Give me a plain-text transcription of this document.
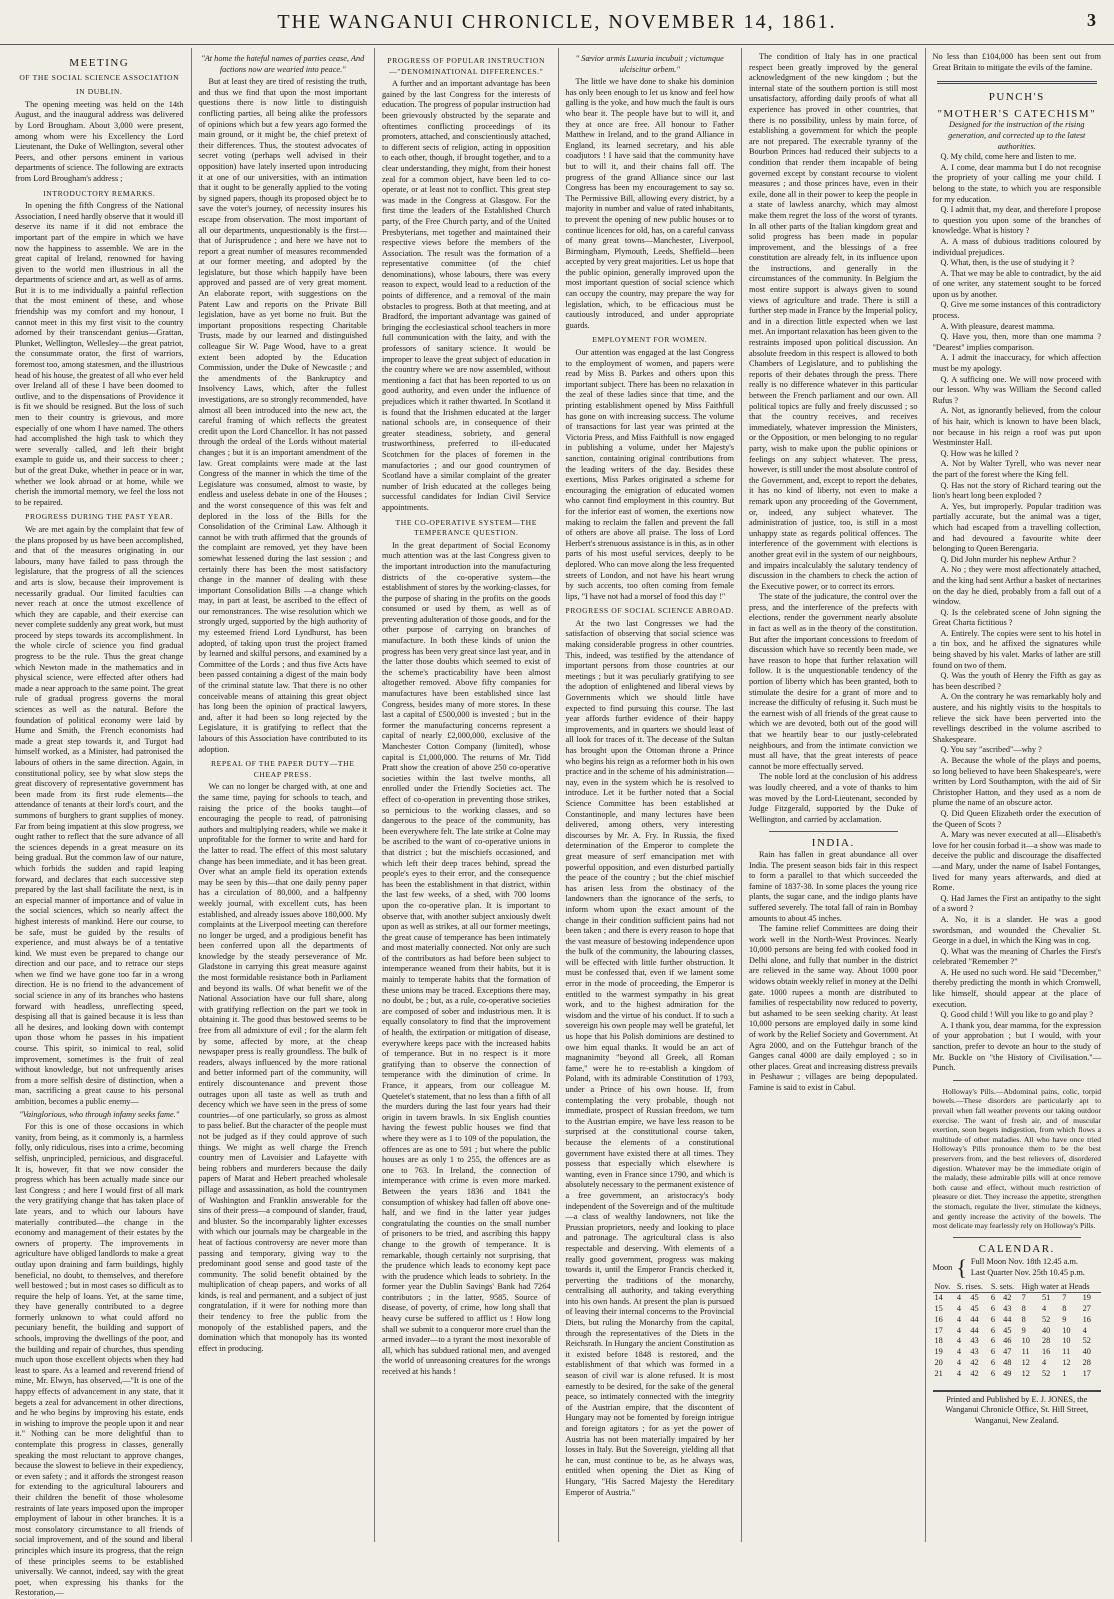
THE WANGANUI CHRONICLE, NOVEMBER 14, 1861.	3
MEETING
OF THE SOCIAL SCIENCE ASSOCIATION
IN DUBLIN.

The opening meeting was held on the 14th August, and the inaugural address was delivered by Lord Brougham. About 3,000 were present, among whom were his Excellency the Lord Lieutenant, the Duke of Wellington, several other Peers, and other persons eminent in various departments of science. The following are extracts from Lord Brougham's address ;

INTRODUCTORY REMARKS.

In opening the fifth Congress of the National Association, I need hardly observe that it would ill deserve its name if it did not embrace the important part of the empire in which we have now the happiness to assemble. We are in the great capital of Ireland, renowned for having given to the world men illustrious in all the departments of science and art, as well as of arms. But it is to me individually a painful reflection that the most eminent of these, and whose friendship was my comfort and my honour, I cannot meet in this my first visit to the country adorned by their transcendant genius—Grattan, Plunket, Wellington, Wellesley—the great patriot, the consummate orator, the first of warriors, foremost too, among statesmen, and the illustrious head of his house, the greatest of all who ever held over Ireland all of these I have been doomed to outlive, and to the dispensations of Providence it is fit we should be resigned. But the loss of such men to their country is grievous, and more especially of one whom I have named. The others had accomplished the high task to which they were severally called, and left their bright example to guide us, and their success to cheer ; but of the great Duke, whether in peace or in war, whether we look abroad or at home, while we cherish the immortal memory, we feel the loss not to be repaired.

PROGRESS DURING THE PAST YEAR.

We are met again by the complaint that few of the plans proposed by us have been accomplished, and that of the measures originating in our labours, many have failed to pass through the legislature, that the progress of all the sciences and arts is slow, because their improvement is necessarily gradual. Our limited faculties can never reach at once the utmost excellence of which they are capable, and their exercise can never complete suddenly any great work, but must proceed by steps towards its accomplishment. In the whole circle of science you find gradual progress to be the rule. Thus the great change which Newton made in the mathematics and in physical science, were effected after others had made a near approach to the same point. The great rule of gradual progress governs the moral sciences as well as the natural. Before the foundation of political economy were laid by Hume and Smith, the French economists had made a great step towards it, and Turgot had himself worked, as a Minister, had patronised the labours of others in the same direction. Again, in constitutional policy, see by what slow steps the great discovery of representative government has been made from its first rude elements—the attendance of tenants at their lord's court, and the summons of burghers to grant supplies of money. Far from being impatient at this slow progress, we ought rather to reflect that the sure advance of all the sciences depends in a great measure on its being gradual. But the common law of our nature, which forbids the sudden and rapid leaping forward, and declares that each successive step prepared by the last shall facilitate the next, is in an especial manner of importance and of value in the social sciences, which so nearly affect the highest interests of mankind. Here our course, to be safe, must be guided by the results of experience, and must always be of a tentative kind. We must even be prepared to change our direction and our pace, and to retrace our steps when we find we have gone too far in a wrong direction. He is no friend to the advancement of social science in any of its branches who hastens forward with headless, unreflecting speed, despising all that is gained because it is less than all he desires, and looking down with contempt upon those whom he passes in his impatient course. This spirit, so inimical to real, solid improvement, sometimes is the fruit of zeal without knowledge, but not unfrequently arises from a more selfish desire of distinction, when a man, sacrificing a great cause to his personal ambition, becomes a public enemy—

"Vainglorious, who through infamy seeks fame."

For this is one of those occasions in which vanity, from being, as it commonly is, a harmless folly, only ridiculous, rises into a crime, becoming selfish, unprincipled, pernicious, and disgraceful. It is, however, fit that we now consider the progress which has been actually made since our last Congress ; and here I would first of all mark the very gratifying change that has taken place of late years, and to which our labours have materially contributed—the change in the economy and management of their estates by the owners of property. The improvements in agriculture have obliged landlords to make a great outlay upon draining and farm buildings, highly beneficial, no doubt, to themselves, and therefore well bestowed ; but in most cases so difficult as to require the help of loans. Yet, at the same time, they have generally contributed to a degree formerly unknown to what could afford no pecuniary benefit, the building and support of schools, improving the dwellings of the poor, and the building and repair of churches, thus spending much upon those excellent objects when they had least to spare. As a learned and reverend friend of mine, Mr. Elwyn, has observed,—"It is one of the happy effects of advancement in any state, that it begets a zeal for advancement in other directions, and he who begins by improving his estate, ends in wishing to improve the people upon it and near it." Nothing can be more delightful than to contemplate this progress in classes, generally speaking the most reluctant to approve changes, because the slowest to believe in their expediency, or even safety ; and it affords the strongest reason for extending to the agricultural labourers and their children the benefit of those wholesome restraints of late years imposed upon the improper employment of labour in other branches. It is a most consolatory circumstance to all friends of social improvement, and of the sound and liberal principles which insure its progress, that the reign of these principles seems to be established universally. We cannot, indeed, say with the great poet, when expressing his thanks for the Restoration,—

"At home the hateful names of parties cease, And factions now are wearied into peace."

But at least they are tired of resisting the truth, and thus we find that upon the most important questions there is now little to distinguish conflicting parties, all being alike the professors of opinions which but a few years ago formed the main ground, or it might be, the chief pretext of their differences. Thus, the stoutest advocates of secret voting (perhaps well advised in their opposition) have lately inserted upon introducing it at one of our universities, with an intimation that it ought to be generally applied to the voting by signed papers, though its proposed object be to save the voter's journey, of necessity insures his escape from observation. The most important of all our departments, unquestionably is the first—that of Jurisprudence ; and here we have not to report a great number of measures recommended at our former meeting, and adopted by the legislature, but those which happily have been approved and passed are of very great moment. An elaborate report, with suggestions on the Patent Law and reports on the Private Bill legislation, have as yet borne no fruit. But the important propositions respecting Charitable Trusts, made by our learned and distinguished colleague Sir W. Page Wood, have to a great extent been adopted by the Education Commission, under the Duke of Newcastle ; and the amendments of the Bankruptcy and Insolvency Laws, which, after the fullest investigations, are so strongly recommended, have almost all been introduced into the new act, the careful framing of which reflects the greatest credit upon the Lord Chancellor. It has not passed through the ordeal of the Lords without material changes ; but it is an important amendment of the law. Great complaints were made at the last Congress of the manner in which the time of the Legislature was consumed, almost to waste, by endless and useless debate in one of the Houses ; and the worst consequence of this was felt and deplored in the loss of the Bills for the Consolidation of the Criminal Law. Although it cannot be with truth affirmed that the grounds of the complaint are removed, yet they have been somewhat lessened during the last session ; and certainly there has been the most satisfactory change in the manner of dealing with these important Consolidation Bills —a change which may, in part at least, be ascribed to the effect of our remonstrances. The wise resolution which we strongly urged, supported by the high authority of my esteemed friend Lord Lyndhurst, has been adopted, of taking upon trust the project framed by learned and skilful persons, and examined by a Committee of the Lords ; and thus five Acts have been passed containing a digest of the main body of the criminal statute law. That there is no other conceivable means of attaining this great object has long been the opinion of practical lawyers, and, after it had been so long rejected by the Legislature, it is gratifying to reflect that the labours of this Association have contributed to its adoption.

REPEAL OF THE PAPER DUTY—THE CHEAP PRESS.

We can no longer be charged with, at one and the same time, paying for schools to teach, and raising the price of the books taught—of encouraging the people to read, of patronising authors and multiplying readers, while we make it unprofitable for the former to write and hard for the latter to read. The effect of this most salutary change has been immediate, and it has been great. Over what an ample field its operation extends may be seen by this—that one daily penny paper has a circulation of 80,000, and a halfpenny weekly journal, with excellent cuts, has been established, and already issues above 180,000. My complaints at the Liverpool meeting can therefore no longer be urged, and a prodigious benefit has been conferred upon all the departments of knowledge by the steady perseverance of Mr. Gladstone in carrying this great measure against the most formidable resistance both in Parliament and beyond its walls. Of what benefit we of the National Association have our full share, along with gratifying reflection on the part we took in obtaining it. The good thus bestowed seems to be free from all admixture of evil ; for the alarm felt by some, affected by more, at the cheap newspaper press is really groundless. The bulk of readers, always influenced by the more rational and better informed part of the community, will entirely discountenance and prevent those outrages upon all taste as well as truth and decency which we have seen in the press of some countries—of one particularly, so gross as almost to pass belief. But the character of the people must not be judged as if they could approve of such things. We might as well charge the French country men of Lavoisier and Lafayette with being robbers and murderers because the daily papers of Marat and Hebert preached wholesale pillage and assassination, as hold the countrymen of Washington and Franklin answerable for the sins of their press—a compound of slander, fraud, and bluster. So the incomparably lighter excesses with which our journals may be chargeable in the heat of factious controversy are never more than passing and temporary, giving way to the predominant good sense and good taste of the community. The solid benefit obtained by the multiplication of cheap papers, and works of all kinds, is real and permanent, and a subject of just congratulation, if it were for nothing more than their tendency to free the public from the monopoly of the established papers, and the domination which that monopoly has its wonted effect in producing.

PROGRESS OF POPULAR INSTRUCTION—"DENOMINATIONAL DIFFERENCES."

A further and an important advantage has been gained by the last Congress for the interests of education. The progress of popular instruction had been grievously obstructed by the separate and oftentimes conflicting proceedings of its promoters, attached, and conscientiously attached, to different sects of religion, acting in opposition to each other, though, if brought together, and to a clear understanding, they might, from their honest zeal for a common object, have been led to co-operate, or at least not to conflict. This great step was made in the Congress at Glasgow. For the first time the leaders of the Established Church party, of the Free Church party, and of the United Presbyterians, met together and maintained their respective views before the members of the Association. The result was the formation of a representative committee (of the chief denominations), whose labours, there was every reason to expect, would lead to a reduction of the points of difference, and a removal of the main obstacles to progress. Both at that meeting, and at Bradford, the important advantage was gained of bringing the ecclesiastical school teachers in more full communication with the laity, and with the professors of sanitary science. It would be improper to leave the great subject of education in the country where we are now assembled, without mentioning a fact that has been reported to us on good authority, and even under the influence of prejudices which it rather thwarted. In Scotland it is found that the Irishmen educated at the larger national schools are, in consequence of their greater steadiness, sobriety, and general trustworthiness, preferred to ill-educated Scotchmen for the places of foremen in the manufactories ; and our good countrymen of Scotland have a similar complaint of the greater number of Irish educated at the colleges being successful candidates for Indian Civil Service appointments.

THE CO-OPERATIVE SYSTEM—THE TEMPERANCE QUESTION.

In the great department of Social Economy much attention was at the last Congress given to the important introduction into the manufacturing districts of the co-operative system—the establishment of stores by the working-classes, for the purpose of sharing in the profits on the goods consumed or used by them, as well as of preventing adulteration of those goods, and for the other purpose of carrying on branches of manufacture. In both these kinds of union the progress has been very great since last year, and in the latter those doubts which seemed to exist of the scheme's practicability have been almost altogether removed. Above fifty companies for manufactures have been established since last Congress, besides many of more stores. In these last a capital of £500,000 is invested ; but in the former the manufacturing concerns represent a capital of nearly £2,000,000, exclusive of the Manchester Cotton Company (limited), whose capital is £1,000,000. The returns of Mr. Tidd Pratt show the creation of above 250 co-operative societies within the last twelve months, all enrolled under the Friendly Societies act. The effect of co-operation in preventing those strikes, so pernicious to the working classes, and so dangerous to the peace of the community, has been everywhere felt. The late strike at Colne may be ascribed to the want of co-operative unions in that district ; but the mischiefs occasioned, and which left their deep traces behind, spread the people's eyes to their error, and the consequence has been the establishment in that district, within the last few weeks, of a shed, with 700 looms upon the co-operative plan. It is important to observe that, with another subject anxiously dwelt upon as well as strikes, at all our former meetings, the great cause of temperance has been intimately and most materially connected. Not only are such of the contributors as had before been subject to intemperance weaned from their habits, but it is mainly to temperate habits that the formation of these unions may be traced. Exceptions there may, no doubt, be ; but, as a rule, co-operative societies are composed of sober and industrious men. It is equally consolatory to find that the improvement of health, the extirpation or mitigation of disease, everywhere keeps pace with the increased habits of temperance. But in no respect is it more gratifying than to observe the connection of temperance with the diminution of crime. In France, it appears, from our colleague M. Quetelet's statement, that no less than a fifth of all the murders during the last four years had their origin in tavern brawls. In six English counties having the fewest public houses we find that where they were as 1 to 109 of the population, the offences are as one to 591 ; but where the public houses are as only 1 to 255, the offences are as one to 763. In Ireland, the connection of intemperance with crime is even more marked. Between the years 1836 and 1841 the consumption of whiskey had fallen off above one-half, and we find in the latter year judges congratulating the counties on the small number of prisoners to be tried, and ascribing this happy change to the growth of temperance. It is remarkable, though certainly not surprising, that the prudence which leads to economy kept pace with the prudence which leads to sobriety. In the former year the Dublin Savings' Bank had 7264 contributors ; in the latter, 9585. Source of disease, of poverty, of crime, how long shall that heavy curse be suffered to afflict us ! How long shall we submit to a conqueror more cruel than the armed invader—to a tyrant the most inexorable of all, which has subdued rational men, and avenged the world of unreasoning creatures for the wrongs received at his hands !

" Sævior armis Luxuria incubuit ; victumque ulciscitur orbem."

The little we have done to shake his dominion has only been enough to let us know and feel how galling is the yoke, and how much the fault is ours who bear it. The people have but to will it, and they at once are free. All honour to Father Matthew in Ireland, and to the grand Alliance in England, its learned secretary, and his able coadjutors ! I have said that the community have but to will it, and their chains fall off. The progress of the grand Alliance since our last Congress has been my encouragement to say so. The Permissive Bill, allowing every district, by a majority in number and value of rated inhabitants, to prevent the opening of new public houses or to continue licences for old, has, on a careful canvass of many great towns—Manchester, Liverpool, Birmingham, Plymouth, Leeds, Sheffield—been accepted by very great majorities. Let us hope that the public opinion, generally improved upon the most important question of social science which can occupy the country, may prepare the way for legislation, which, to be efficacious must be cautiously introduced, and under appropriate guards.

EMPLOYMENT FOR WOMEN.

Our attention was engaged at the last Congress to the employment of women, and papers were read by Miss B. Parkes and others upon this important subject. There has been no relaxation in the zeal of these ladies since that time, and the printing establishment opened by Miss Faithfull has gone on with increasing success. The volume of transactions for last year was printed at the Victoria Press, and Miss Faithfull is now engaged in publishing a volume, under her Majesty's sanction, containing original contributions from the leading writers of the day. Besides these exertions, Miss Parkes originated a scheme for encouraging the emigration of educated women who cannot find employment in this country. But for the inferior east of women, the exertions now making to reclaim the fallen and prevent the fall of others are above all praise. The loss of Lord Herbert's strenuous assistance is in this, as in other parts of his most useful services, deeply to be deplored. Who can move along the less frequented streets of London, and not have his heart wrung by such accents, too often coming from female lips, "I have not had a morsel of food this day !"

PROGRESS OF SOCIAL SCIENCE ABROAD.

At the two last Congresses we had the satisfaction of observing that social science was making considerable progress in other countries. This, indeed, was testified by the attendance of important persons from those countries at our meetings ; but it was peculiarly gratifying to see the adoption of enlightened and liberal views by Governments which we should little have expected to find pursuing this course. The last year affords further evidence of their happy improvements, and in quarters we should least of all look for traces of it. The decease of the Sultan has brought upon the Ottoman throne a Prince who begins his reign as a reformer both in his own practice and in the scheme of his administration—nay, even in the system which he is resolved to introduce. Let it be further noted that a Social Science Committee has been established at Constantinople, and many lectures have been delivered, among others, very interesting discourses by Mr. A. Fry. In Russia, the fixed determination of the Emperor to complete the great measure of serf emancipation met with powerful opposition, and even disturbed partially the peace of the country ; but the chief mischief has arisen less from the obstinacy of the landowners than the ignorance of the serfs, to inform whom upon the exact amount of the change in their condition sufficient pains had not been taken ; and there is every reason to hope that the vast measure of bestowing independence upon the bulk of the community, the labouring classes, will be effected with little further obstruction. It must be confessed that, even if we lament some error in the mode of proceeding, the Emperor is entitled to the warmest sympathy in his great work, and to the highest admiration for the wisdom and the virtue of his conduct. If to such a sovereign his own people may well be grateful, let us hope that his Polish dominions are destined to owe him equal thanks. It would be an act of magnanimity "beyond all Greek, all Roman fame," were he to re-establish a kingdom of Poland, with its admirable Constitution of 1793, under a Prince of his own house. If, from contemplating the very probable, though not immediate, prospect of Russian freedom, we turn to the Austrian empire, we have less reason to be surprised at the constitutional course taken, because the elements of a constitutional government have existed there at all times. They possess that especially which elsewhere is wanting, even in France since 1790, and which is absolutely necessary to the permanent existence of a free government, an aristocracy's body independent of the Sovereign and of the multitude—a class of wealthy landowners, not like the Prussian proprietors, needy and looking to place and patronage. The agricultural class is also respectable and deserving. With elements of a really good government, progress was making towards it, until the Emperor Francis checked it, perverting the traditions of the monarchy, centralising all authority, and taking everything into his own hands. At present the plan is pursued of leaving their internal concerns to the Provincial Diets, but ruling the Monarchy from the capital, through the representatives of the Diets in the Reichsrath. In Hungary the ancient Constitution as it existed before 1848 is restored, and the establishment of that which was formed in a season of civil war is alone refused. It is most earnestly to be desired, for the sake of the general peace, so intimately connected with the integrity of the Austrian empire, that the discontent of Hungary may not be fomented by foreign intrigue and foreign agitators ; for as yet the power of Austria has not been materially impaired by her losses in Italy. But the Sovereign, yielding all that he can, must continue to be, as he always was, entitled when opening the Diet as King of Hungary, "His Sacred Majesty the Hereditary Emperor of Austria."

The condition of Italy has in one practical respect been greatly improved by the general acknowledgment of the new kingdom ; but the internal state of the southern portion is still most unsatisfactory, affording daily proofs of what all experience has proved in other countries, that there is no possibility, unless by main force, of establishing a government for which the people are not prepared. The execrable tyranny of the Bourbon Princes had reduced their subjects to a condition that render them incapable of being governed except by constant recourse to violent measures ; and those princes have, even in their exile, done all in their power to keep the people in a state of lawless anarchy, which may almost make them regret the loss of the worst of tyrants. In all other parts of the Italian kingdom great and solid progress has been made in popular improvement, and the blessings of a free constitution are already felt, in its influence upon the instructions, and generally in the circumstances of the community. In Belgium the most entire support is always given to sound views of agriculture and trade. There is still a further step made in France by the Imperial policy, and in a direction little expected when we last met. An important relaxation has been given to the restraints imposed upon political discussion. An absolute freedom in this respect is allowed to both Chambers of Legislature, and to publishing the reports of their debates through the press. There really is no difference whatever in this particular between the French parliament and our own. All political topics are fully and freely discussed ; so that the country receives, and receives immediately, whatever impression the Ministers, or the Opposition, or men belonging to no regular party, wish to make upon the public opinions or feelings on any subject whatever. The press, however, is still under the most absolute control of the Government, and, except to report the debates, it has no kind of liberty, not even to make a remark upon any proceeding of the Government, or, indeed, any subject whatever. The administration of justice, too, is still in a most unhappy state as regards political offences. The interference of the government with elections is another great evil in the system of our neighbours, and impairs incalculably the salutary tendency of discussion in the chambers to check the action of the Executive power, or to correct its errors.

The state of the judicature, the control over the press, and the interference of the prefects with elections, render the government nearly absolute in fact as well as in the theory of the constitution. But after the important concessions to freedom of discussion which have so recently been made, we have reason to hope that further relaxation will follow. It is the unquestionable tendency of the portion of liberty which has been granted, both to stimulate the desire for a grant of more and to increase the difficulty of refusing it. Such must be the earnest wish of all friends of the great cause to which we are devoted, both out of the good will that we heartily bear to our justly-celebrated neighbours, and from the intimate conviction we must all have, that the great interests of peace cannot be more effectually served.

The noble lord at the conclusion of his address was loudly cheered, and a vote of thanks to him was moved by the Lord-Lieutenant, seconded by Judge Fitzgerald, supported by the Duke of Wellington, and carried by acclamation.

INDIA.

Rain has fallen in great abundance all over India. The present season bids fair in this respect to form a parallel to that which succeeded the famine of 1837-38. In some places the young rice plants, the sugar cane, and the indigo plants have suffered severely. The total fall of rain in Bombay amounts to about 45 inches.

The famine relief Committees are doing their work well in the North-West Provinces. Nearly 10,000 persons are being fed with cooked food in Delhi alone, and fully that number in the district are relieved in the same way. About 1000 poor widows obtain weekly relief in money at the Delhi gate. 1000 rupees a month are distributed to families of respectability now reduced to poverty, but ashamed to be seen seeking charity. At least 10,000 persons are employed daily in some kind of work by the Relief Society and Government. At Agra 2000, and on the Futtehgur branch of the Ganges canal 4000 are daily employed ; so in other places. Great and increasing distress prevails in Peshawur ; villages are being depopulated. Famine is said to exist in Cabul.

No less than £104,000 has been sent out from Great Britain to mitigate the evils of the famine.

PUNCH'S
"MOTHER'S CATECHISM"
Designed for the instruction of the rising generation, and corrected up to the latest authorities.

Q. My child, come here and listen to me.

A. I come, dear mamma but I do not recognise the propriety of your calling me your child. I belong to the state, to which you are responsible for my education.

Q. I admit that, my dear, and therefore I propose to question you upon some of the branches of knowledge. What is history ?

A. A mass of dubious traditions coloured by individual prejudices.

Q. What, then, is the use of studying it ?

A. That we may be able to contradict, by the aid of one writer, any statement sought to be forced upon us by another.

Q. Give me some instances of this contradictory process.

A. With pleasure, dearest mamma.

Q. Have you, then, more than one mamma ? "Dearest" implies comparison.

A. I admit the inaccuracy, for which affection must be my apology.

Q. A sufficing one. We will now proceed with our lesson. Why was William the Second called Rufus ?

A. Not, as ignorantly believed, from the colour of his hair, which is known to have been black, nor because in his reign a roof was put upon Westminster Hall.

Q. How was he killed ?

A. Not by Walter Tyrell, who was never near the part of the forest where the King fell.

Q. Has not the story of Richard tearing out the lion's heart long been exploded ?

A. Yes, but improperly. Popular tradition was partially accurate, but the animal was a tiger, which had escaped from a travelling collection, and had devoured a favourite white deer belonging to Queen Berengaria.

Q. Did John murder his nephew Arthur ?

A. No ; they were most affectionately attached, and the king had sent Arthur a basket of nectarines on the day he died, probably from a fall out of a window.

Q. Is the celebrated scene of John signing the Great Charta fictitious ?

A. Entirely. The copies were sent to his hotel in a tin box, and he affixed the signatures while being shaved by his valet. Marks of lather are still found on two of them.

Q. Was the youth of Henry the Fifth as gay as has been described ?

A. On the contrary he was remarkably holy and austere, and his nightly visits to the hospitals to relieve the sick have been perverted into the revellings described in the volume ascribed to Shakespeare.

Q. You say "ascribed"—why ?

A. Because the whole of the plays and poems, so long believed to have been Shakespeare's, were written by Lord Southampton, with the aid of Sir Christopher Hatton, and they used as a nom de plume the name of an obscure actor.

Q. Did Queen Elizabeth order the execution of the Queen of Scots ?

A. Mary was never executed at all—Elisabeth's love for her cousin forbad it—a show was made to deceive the public and discourage the disaffected—and Mary, under the name of Isabel Fontanges, lived for many years afterwards, and died at Rome.

Q. Had James the First an antipathy to the sight of a sword ?

A. No, it is a slander. He was a good swordsman, and wounded the Chevalier St. George in a duel, in which the King was in cog.

Q. What was the meaning of Charles the First's celebrated "Remember ?"

A. He used no such word. He said "December," thereby predicting the month in which Cromwell, like himself, should appear at the place of execution.

Q. Good child ! Will you like to go and play ?

A. I thank you, dear mamma, for the expression of your approbation ; but I would, with your sanction, prefer to devote an hour to the study of Mr. Buckle on "the History of Civilisation."—Punch.

Holloway's Pills.—Abdominal pains, colic, torpid bowels.—These disorders are particularly apt to prevail when fall weather prevents our taking outdoor exercise. The want of fresh air, and of muscular exertion, soon begets indigestion, from which flows a multitude of other maladies. All who have once tried Holloway's Pills pronounce them to be the best preservers from, and the best relievers of, disordered digestion. Whatever may be the immediate origin of the malady, these admirable pills will at once remove both cause and effect, without much restriction of pleasure or diet. They increase the appetite, strengthen the stomach, regulate the liver, stimulate the kidneys, and gently increase the activity of the bowels. The most delicate may fearlessly rely on Holloway's Pills.

CALENDAR.
Moon { Full Moon Nov. 18th 12.45 a.m.
Last Quarter Nov. 25th 10.45 p.m.
Nov.	S. rises.		S. sets.		High water at Heads			
14	4	45	6	42	7	51	7	19
15	4	45	6	43	8	4	8	27
16	4	44	6	44	8	52	9	16
17	4	44	6	45	9	40	10	4
18	4	43	6	46	10	28	10	52
19	4	43	6	47	11	16	11	40
20	4	42	6	48	12	4	12	28
21	4	42	6	49	12	52	1	17
Printed and Published by E. J. JONES, the Wanganui Chronicle Office, St. Hill Street, Wanganui, New Zealand.
